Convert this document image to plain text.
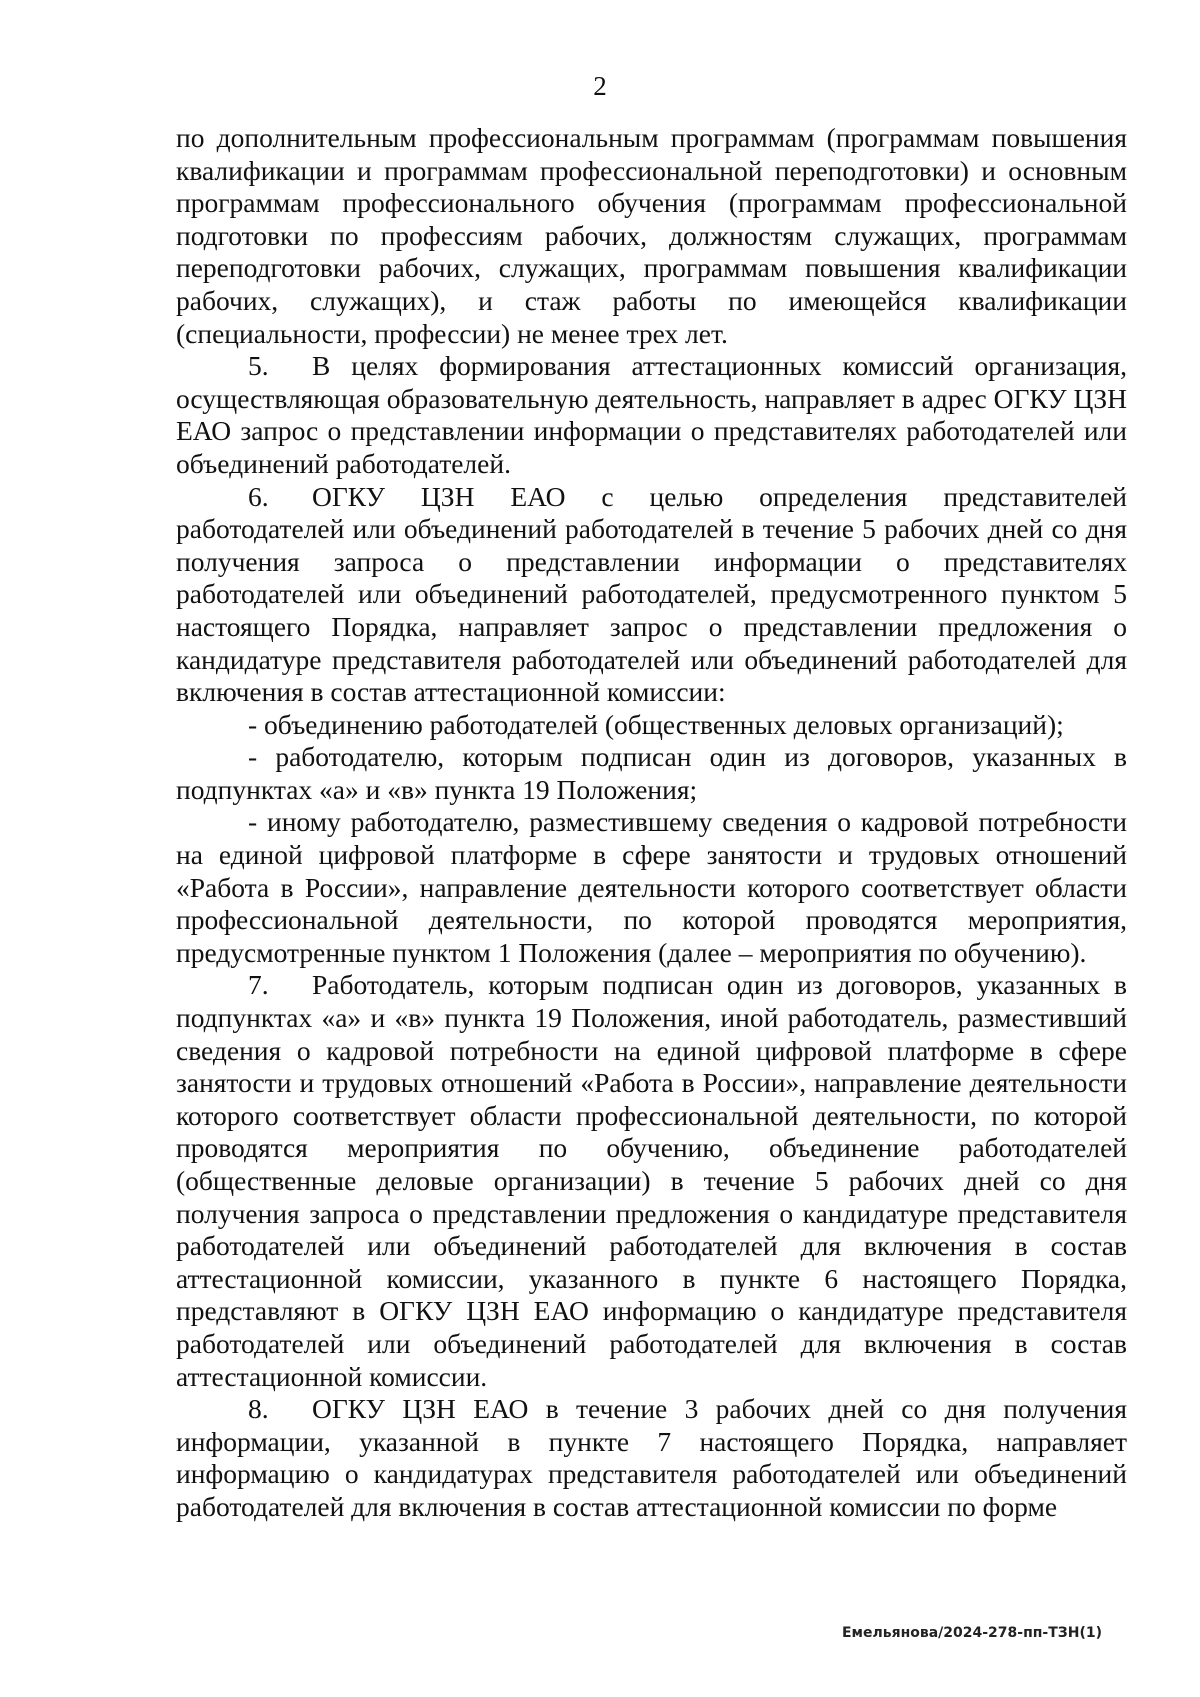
2

по дополнительным профессиональным программам (программам повышения квалификации и программам профессиональной переподготовки) и основным программам профессионального обучения (программам профессиональной подготовки по профессиям рабочих, должностям служащих, программам переподготовки рабочих, служащих, программам повышения квалификации рабочих, служащих), и стаж работы по имеющейся квалификации (специальности, профессии) не менее трех лет.

5. В целях формирования аттестационных комиссий организация, осуществляющая образовательную деятельность, направляет в адрес ОГКУ ЦЗН ЕАО запрос о представлении информации о представителях работодателей или объединений работодателей.

6. ОГКУ ЦЗН ЕАО с целью определения представителей работодателей или объединений работодателей в течение 5 рабочих дней со дня получения запроса о представлении информации о представителях работодателей или объединений работодателей, предусмотренного пунктом 5 настоящего Порядка, направляет запрос о представлении предложения о кандидатуре представителя работодателей или объединений работодателей для включения в состав аттестационной комиссии:

- объединению работодателей (общественных деловых организаций);

- работодателю, которым подписан один из договоров, указанных в подпунктах «а» и «в» пункта 19 Положения;

- иному работодателю, разместившему сведения о кадровой потребности на единой цифровой платформе в сфере занятости и трудовых отношений «Работа в России», направление деятельности которого соответствует области профессиональной деятельности, по которой проводятся мероприятия, предусмотренные пунктом 1 Положения (далее – мероприятия по обучению).

7. Работодатель, которым подписан один из договоров, указанных в подпунктах «а» и «в» пункта 19 Положения, иной работодатель, разместивший сведения о кадровой потребности на единой цифровой платформе в сфере занятости и трудовых отношений «Работа в России», направление деятельности которого соответствует области профессиональной деятельности, по которой проводятся мероприятия по обучению, объединение работодателей (общественные деловые организации) в течение 5 рабочих дней со дня получения запроса о представлении предложения о кандидатуре представителя работодателей или объединений работодателей для включения в состав аттестационной комиссии, указанного в пункте 6 настоящего Порядка, представляют в ОГКУ ЦЗН ЕАО информацию о кандидатуре представителя работодателей или объединений работодателей для включения в состав аттестационной комиссии.

8. ОГКУ ЦЗН ЕАО в течение 3 рабочих дней со дня получения информации, указанной в пункте 7 настоящего Порядка, направляет информацию о кандидатурах представителя работодателей или объединений работодателей для включения в состав аттестационной комиссии по форме

Емельянова/2024-278-пп-ТЗН(1)
